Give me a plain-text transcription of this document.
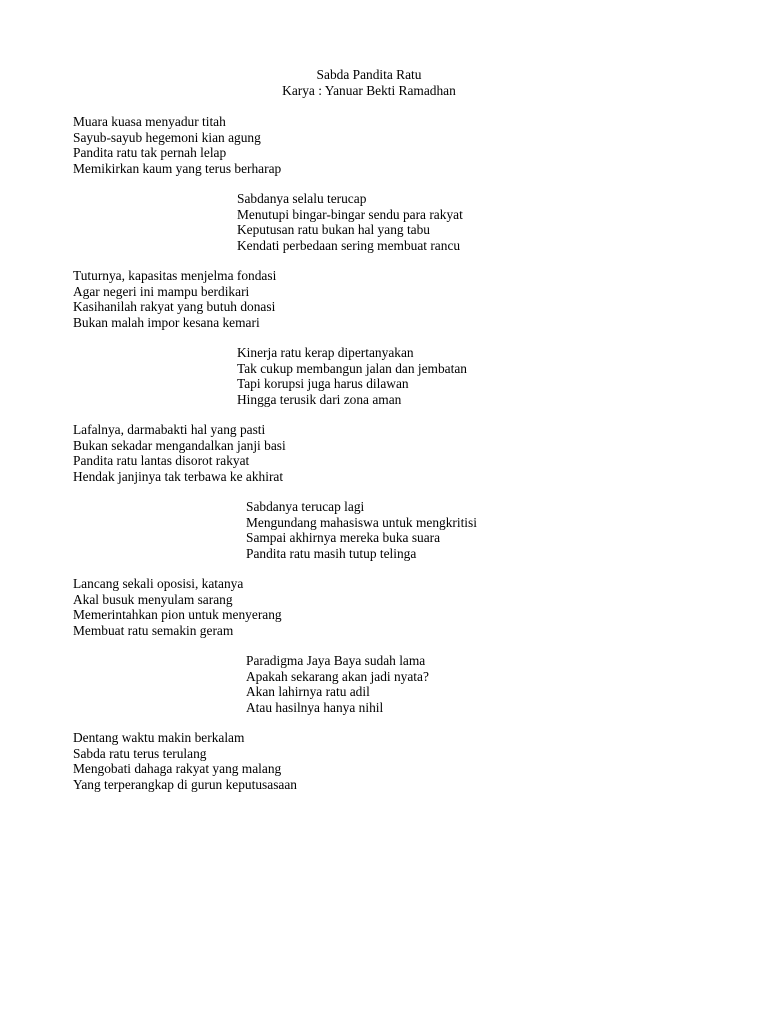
Sabda Pandita Ratu
Karya : Yanuar Bekti Ramadhan
Muara kuasa menyadur titah
Sayub-sayub hegemoni kian agung
Pandita ratu tak pernah lelap
Memikirkan kaum yang terus berharap
Sabdanya selalu terucap
Menutupi bingar-bingar sendu para rakyat
Keputusan ratu bukan hal yang tabu
Kendati perbedaan sering membuat rancu
Tuturnya, kapasitas menjelma fondasi
Agar negeri ini mampu berdikari
Kasihanilah rakyat yang butuh donasi
Bukan malah impor kesana kemari
Kinerja ratu kerap dipertanyakan
Tak cukup membangun jalan dan jembatan
Tapi korupsi juga harus dilawan
Hingga terusik dari zona aman
Lafalnya, darmabakti hal yang pasti
Bukan sekadar mengandalkan janji basi
Pandita ratu lantas disorot rakyat
Hendak janjinya tak terbawa ke akhirat
Sabdanya terucap lagi
Mengundang mahasiswa untuk mengkritisi
Sampai akhirnya mereka buka suara
Pandita ratu masih tutup telinga
Lancang sekali oposisi, katanya
Akal busuk menyulam sarang
Memerintahkan pion untuk menyerang
Membuat ratu semakin geram
Paradigma Jaya Baya sudah lama
Apakah sekarang akan jadi nyata?
Akan lahirnya ratu adil
Atau hasilnya hanya nihil
Dentang waktu makin berkalam
Sabda ratu terus terulang
Mengobati dahaga rakyat yang malang
Yang terperangkap di gurun keputusasaan
